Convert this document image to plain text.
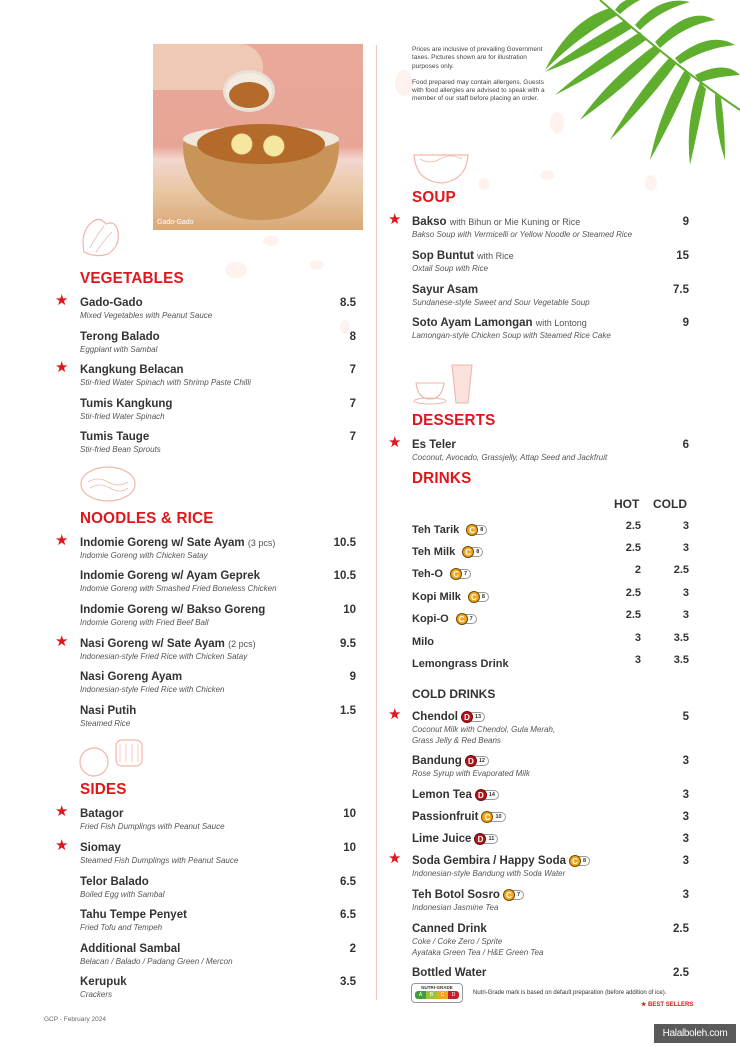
Gado-Gado

Prices are inclusive of prevailing Government taxes. Pictures shown are for illustration purposes only.

Food prepared may contain allergens. Guests with food allergies are advised to speak with a member of our staff before placing an order.

VEGETABLES
★ Gado-Gado
Mixed Vegetables with Peanut Sauce
8.5
Terong Balado
Eggplant with Sambal
8
★ Kangkung Belacan
Stir-fried Water Spinach with Shrimp Paste Chilli
7
Tumis Kangkung
Stir-fried Water Spinach
7
Tumis Tauge
Stir-fried Bean Sprouts
7
NOODLES & RICE
★ Indomie Goreng w/ Sate Ayam (3 pcs)
Indomie Goreng with Chicken Satay
10.5
Indomie Goreng w/ Ayam Geprek
Indomie Goreng with Smashed Fried Boneless Chicken
10.5
Indomie Goreng w/ Bakso Goreng
Indomie Goreng with Fried Beef Ball
10
★ Nasi Goreng w/ Sate Ayam (2 pcs)
Indonesian-style Fried Rice with Chicken Satay
9.5
Nasi Goreng Ayam
Indonesian-style Fried Rice with Chicken
9
Nasi Putih
Steamed Rice
1.5
SIDES
★ Batagor
Fried Fish Dumplings with Peanut Sauce
10
★ Siomay
Steamed Fish Dumplings with Peanut Sauce
10
Telor Balado
Boiled Egg with Sambal
6.5
Tahu Tempe Penyet
Fried Tofu and Tempeh
6.5
Additional Sambal
Belacan / Balado / Padang Green / Mercon
2
Kerupuk
Crackers
3.5
SOUP
★ Bakso with Bihun or Mie Kuning or Rice
Bakso Soup with Vermicelli or Yellow Noodle or Steamed Rice
9
Sop Buntut with Rice
Oxtail Soup with Rice
15
Sayur Asam
Sundanese-style Sweet and Sour Vegetable Soup
7.5
Soto Ayam Lamongan with Lontong
Lamongan-style Chicken Soup with Steamed Rice Cake
9
DESSERTS
★ Es Teler
Coconut, Avocado, Grassjelly, Attap Seed and Jackfruit
6
DRINKS
HOT COLD
Teh Tarik	C 8	2.5	3
Teh Milk	C 8	2.5	3
Teh-O	C 7	2	2.5
Kopi Milk	C 8	2.5	3
Kopi-O	C 7	2.5	3
Milo	3	3.5
Lemongrass Drink	3	3.5
COLD DRINKS
★ Chendol D 13
Coconut Milk with Chendol, Gula Merah,
Grass Jelly & Red Beans
5
Bandung D 12
Rose Syrup with Evaporated Milk
3
Lemon Tea D 14	3
Passionfruit C 10	3
Lime Juice D 11	3
★ Soda Gembira / Happy Soda C 8
Indonesian-style Bandung with Soda Water
3
Teh Botol Sosro C 7
Indonesian Jasmine Tea
3
Canned Drink
Coke / Coke Zero / Sprite
Ayataka Green Tea / H&E Green Tea
2.5
Bottled Water	2.5
NUTRI-GRADE
A	B	C	D	Nutri-Grade mark is based on default preparation (before addition of ice).
★ BEST SELLERS
GCP - February 2024
Halalboleh.com
